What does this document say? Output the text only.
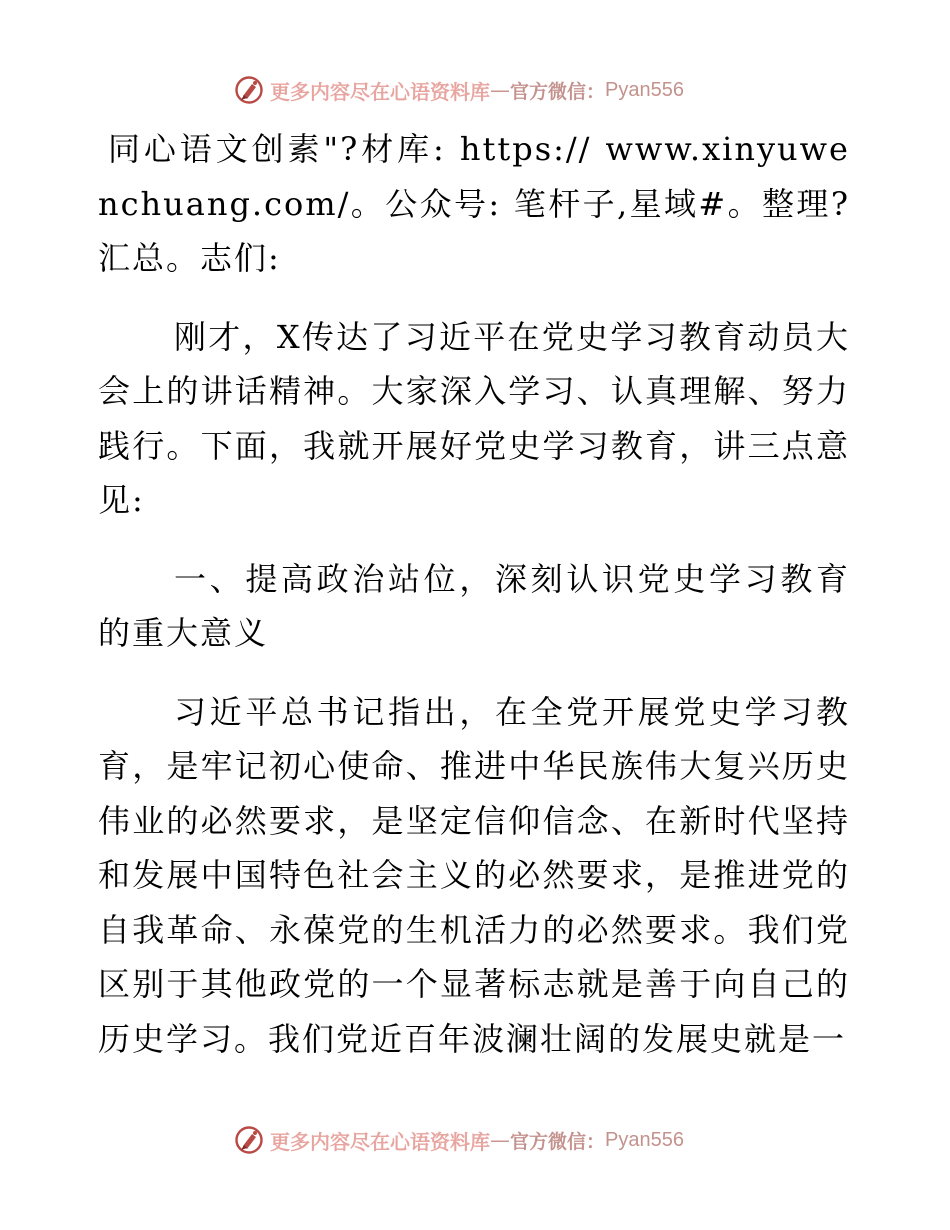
更多内容尽在心语资料库 — 官方微信： Pyan556

同心语文创素"?材库: https:// www.xinyuwenchuang.com/。公众号: 笔杆子,星域#。整理?汇总。志们:

刚才，X传达了习近平在党史学习教育动员大会上的讲话精神。大家深入学习、认真理解、努力践行。下面，我就开展好党史学习教育，讲三点意见:

一、提高政治站位，深刻认识党史学习教育的重大意义

习近平总书记指出，在全党开展党史学习教育，是牢记初心使命、推进中华民族伟大复兴历史伟业的必然要求，是坚定信仰信念、在新时代坚持和发展中国特色社会主义的必然要求，是推进党的自我革命、永葆党的生机活力的必然要求。我们党区别于其他政党的一个显著标志就是善于向自己的历史学习。我们党近百年波澜壮阔的发展史就是一

更多内容尽在心语资料库 — 官方微信： Pyan556
